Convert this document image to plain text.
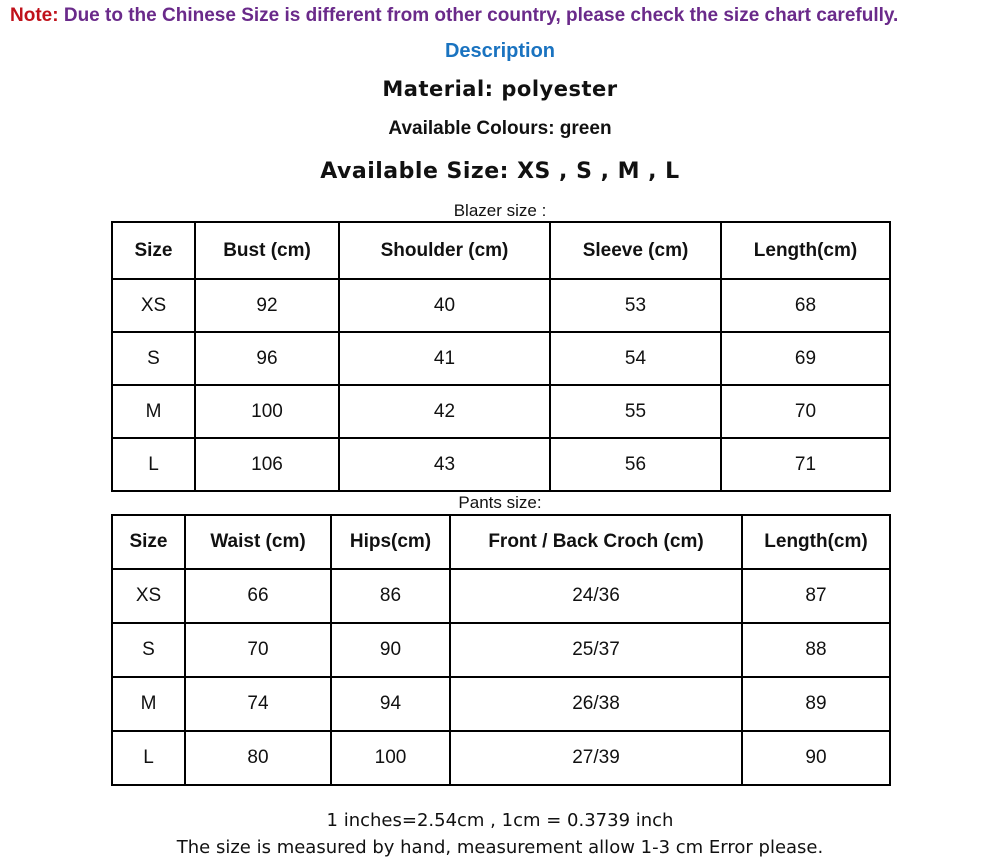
Note: Due to the Chinese Size is different from other country, please check the size chart carefully.
Description
Material: polyester
Available Colours: green
Available Size: XS , S , M , L
Blazer size :
Size	Bust (cm)	Shoulder (cm)	Sleeve (cm)	Length(cm)
XS	92	40	53	68
S	96	41	54	69
M	100	42	55	70
L	106	43	56	71
Pants size:
Size	Waist (cm)	Hips(cm)	Front / Back Croch (cm)	Length(cm)
XS	66	86	24/36	87
S	70	90	25/37	88
M	74	94	26/38	89
L	80	100	27/39	90
1 inches=2.54cm , 1cm = 0.3739 inch
The size is measured by hand, measurement allow 1-3 cm Error please.
